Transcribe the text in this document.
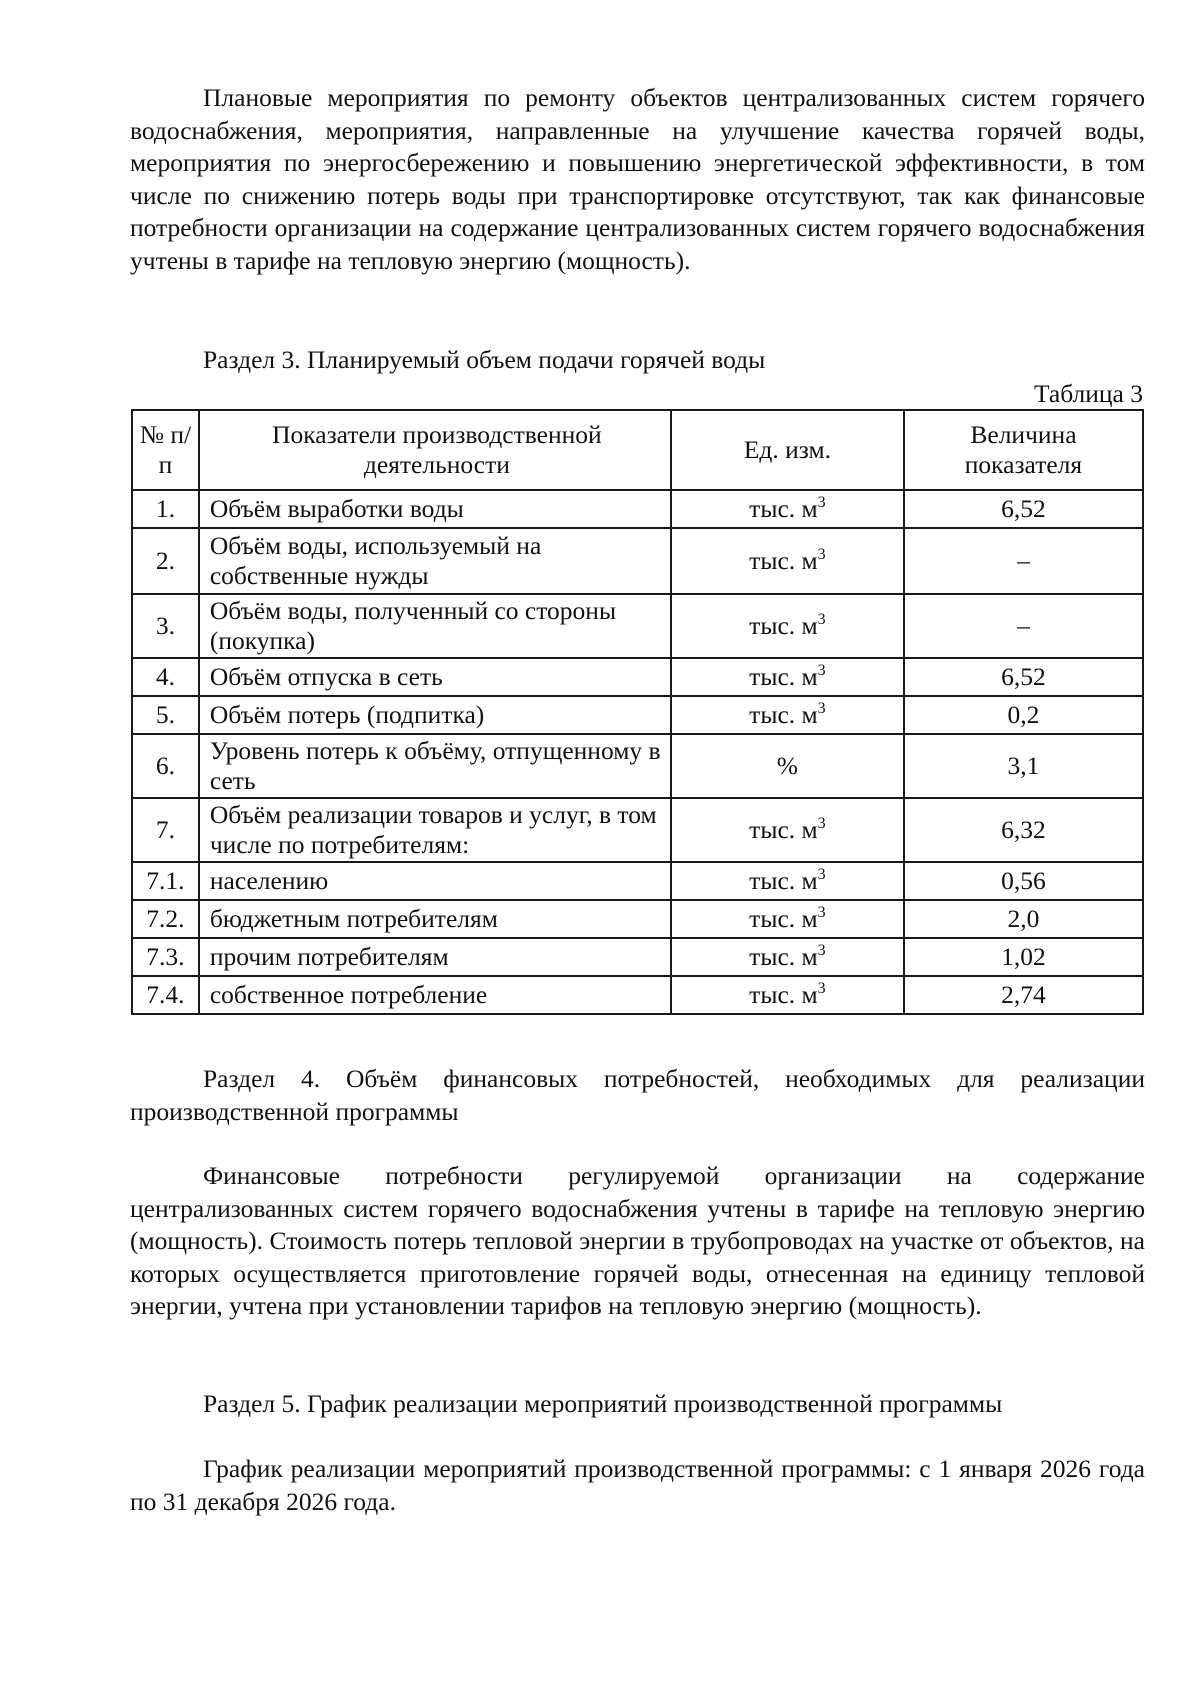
Плановые мероприятия по ремонту объектов централизованных систем горячего водоснабжения, мероприятия, направленные на улучшение качества горячей воды, мероприятия по энергосбережению и повышению энергетической эффективности, в том числе по снижению потерь воды при транспортировке отсутствуют, так как финансовые потребности организации на содержание централизованных систем горячего водоснабжения учтены в тарифе на тепловую энергию (мощность).

Раздел 3. Планируемый объем подачи горячей воды

Таблица 3
№ п/п	Показатели производственной деятельности	Ед. изм.	Величина показателя
1.	Объём выработки воды	тыс. $м^3$	6,52
2.	Объём воды, используемый на собственные нужды	тыс. $м^3$	–
3.	Объём воды, полученный со стороны (покупка)	тыс. $м^3$	–
4.	Объём отпуска в сеть	тыс. $м^3$	6,52
5.	Объём потерь (подпитка)	тыс. $м^3$	0,2
6.	Уровень потерь к объёму, отпущенному в сеть	%	3,1
7.	Объём реализации товаров и услуг, в том числе по потребителям:	тыс. $м^3$	6,32
7.1.	населению	тыс. $м^3$	0,56
7.2.	бюджетным потребителям	тыс. $м^3$	2,0
7.3.	прочим потребителям	тыс. $м^3$	1,02
7.4.	собственное потребление	тыс. $м^3$	2,74

Раздел 4. Объём финансовых потребностей, необходимых для реализации производственной программы

Финансовые потребности регулируемой организации на содержание централизованных систем горячего водоснабжения учтены в тарифе на тепловую энергию (мощность). Стоимость потерь тепловой энергии в трубопроводах на участке от объектов, на которых осуществляется приготовление горячей воды, отнесенная на единицу тепловой энергии, учтена при установлении тарифов на тепловую энергию (мощность).

Раздел 5. График реализации мероприятий производственной программы

График реализации мероприятий производственной программы: с 1 января 2026 года по 31 декабря 2026 года.
